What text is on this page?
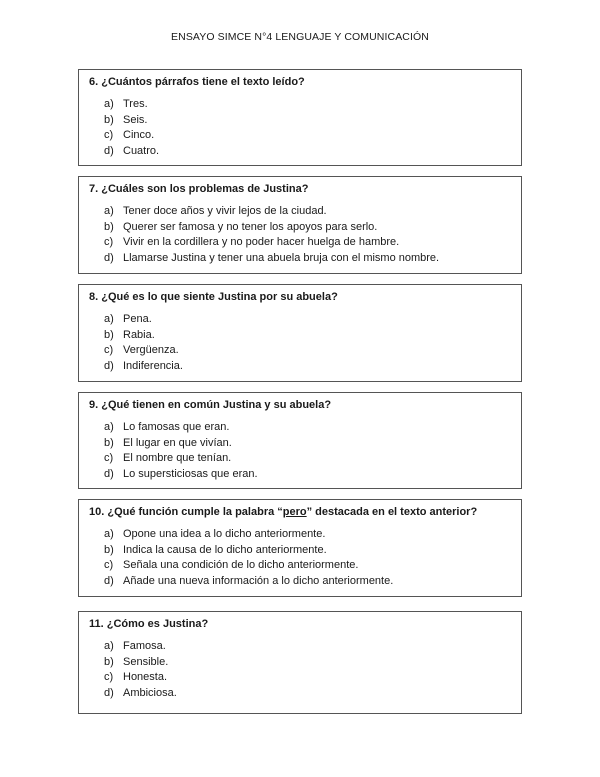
ENSAYO SIMCE N°4 LENGUAJE Y COMUNICACIÓN
6. ¿Cuántos párrafos tiene el texto leído?
a) Tres.
b) Seis.
c) Cinco.
d) Cuatro.
7. ¿Cuáles son los problemas de Justina?
a) Tener doce años y vivir lejos de la ciudad.
b) Querer ser famosa y no tener los apoyos para serlo.
c) Vivir en la cordillera y no poder hacer huelga de hambre.
d) Llamarse Justina y tener una abuela bruja con el mismo nombre.
8. ¿Qué es lo que siente Justina por su abuela?
a) Pena.
b) Rabia.
c) Vergüenza.
d) Indiferencia.
9. ¿Qué tienen en común Justina y su abuela?
a) Lo famosas que eran.
b) El lugar en que vivían.
c) El nombre que tenían.
d) Lo supersticiosas que eran.
10. ¿Qué función cumple la palabra “pero” destacada en el texto anterior?
a) Opone una idea a lo dicho anteriormente.
b) Indica la causa de lo dicho anteriormente.
c) Señala una condición de lo dicho anteriormente.
d) Añade una nueva información a lo dicho anteriormente.
11. ¿Cómo es Justina?
a) Famosa.
b) Sensible.
c) Honesta.
d) Ambiciosa.
